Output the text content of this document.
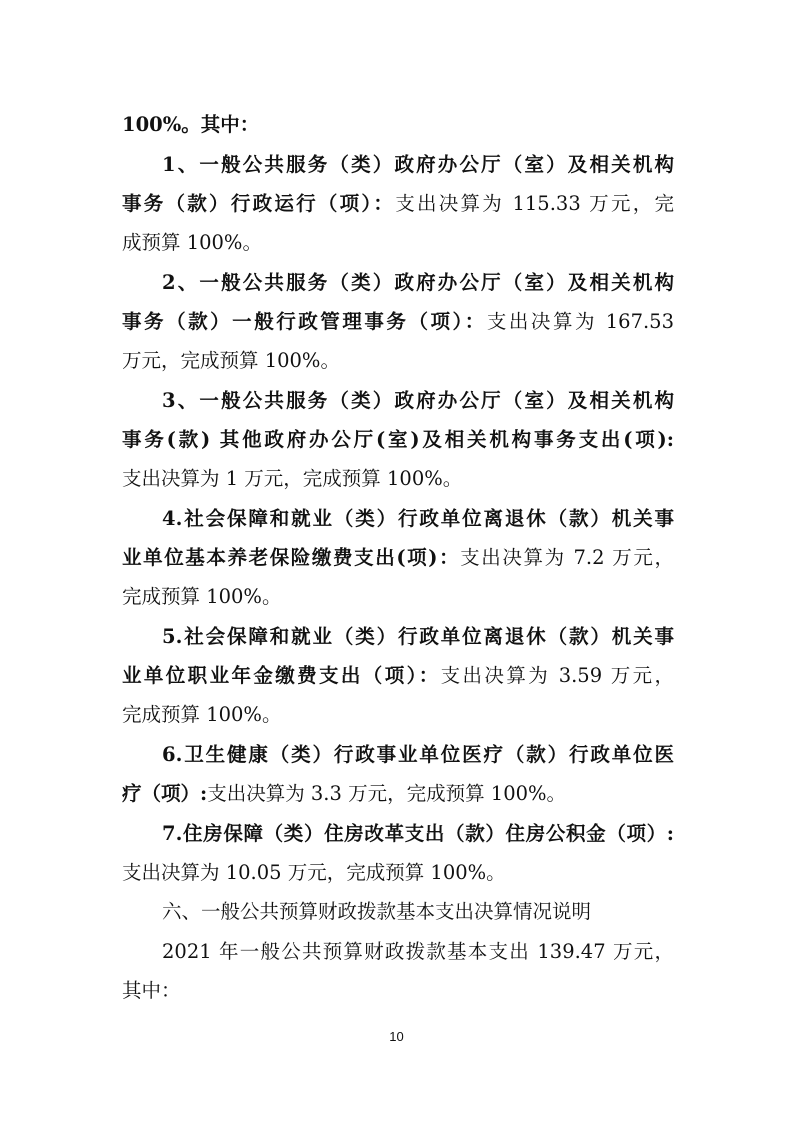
100%。其中：
1、一般公共服务（类）政府办公厅（室）及相关机构
事务（款）行政运行（项）：支出决算为 115.33 万元，完
成预算 100%。
2、一般公共服务（类）政府办公厅（室）及相关机构
事务（款）一般行政管理事务（项）：支出决算为 167.53
万元，完成预算 100%。
3、一般公共服务（类）政府办公厅（室）及相关机构
事务(款) 其他政府办公厅(室)及相关机构事务支出(项):
支出决算为 1 万元，完成预算 100%。
4.社会保障和就业（类）行政单位离退休（款）机关事
业单位基本养老保险缴费支出(项)：支出决算为 7.2 万元，
完成预算 100%。
5.社会保障和就业（类）行政单位离退休（款）机关事
业单位职业年金缴费支出（项）：支出决算为 3.59 万元，
完成预算 100%。
6.卫生健康（类）行政事业单位医疗（款）行政单位医
疗（项）:支出决算为 3.3 万元，完成预算 100%。
7.住房保障（类）住房改革支出（款）住房公积金（项）:
支出决算为 10.05 万元，完成预算 100%。
六、一般公共预算财政拨款基本支出决算情况说明
2021 年一般公共预算财政拨款基本支出 139.47 万元，
其中：
10
